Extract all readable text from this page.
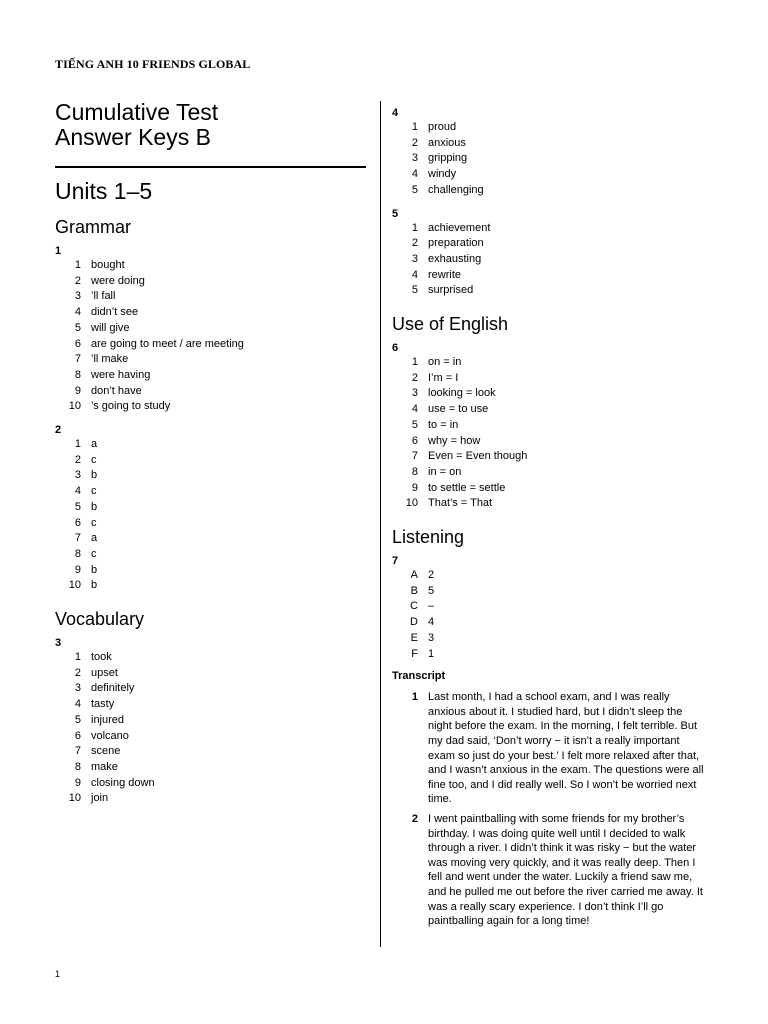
TIẾNG ANH 10 FRIENDS GLOBAL
Cumulative Test
Answer Keys B
Units 1–5
Grammar
1
1 bought
2 were doing
3 ’ll fall
4 didn’t see
5 will give
6 are going to meet / are meeting
7 ’ll make
8 were having
9 don’t have
10 ’s going to study
2
1 a
2 c
3 b
4 c
5 b
6 c
7 a
8 c
9 b
10 b
Vocabulary
3
1 took
2 upset
3 definitely
4 tasty
5 injured
6 volcano
7 scene
8 make
9 closing down
10 join
4
1 proud
2 anxious
3 gripping
4 windy
5 challenging
5
1 achievement
2 preparation
3 exhausting
4 rewrite
5 surprised
Use of English
6
1 on = in
2 I’m = I
3 looking = look
4 use = to use
5 to = in
6 why = how
7 Even = Even though
8 in = on
9 to settle = settle
10 That’s = That
Listening
7
A 2
B 5
C –
D 4
E 3
F 1
Transcript
1 Last month, I had a school exam, and I was really anxious about it. I studied hard, but I didn’t sleep the night before the exam. In the morning, I felt terrible. But my dad said, ‘Don’t worry − it isn’t a really important exam so just do your best.’ I felt more relaxed after that, and I wasn’t anxious in the exam. The questions were all fine too, and I did really well. So I won’t be worried next time.
2 I went paintballing with some friends for my brother’s birthday. I was doing quite well until I decided to walk through a river. I didn’t think it was risky − but the water was moving very quickly, and it was really deep. Then I fell and went under the water. Luckily a friend saw me, and he pulled me out before the river carried me away. It was a really scary experience. I don’t think I’ll go paintballing again for a long time!
1
